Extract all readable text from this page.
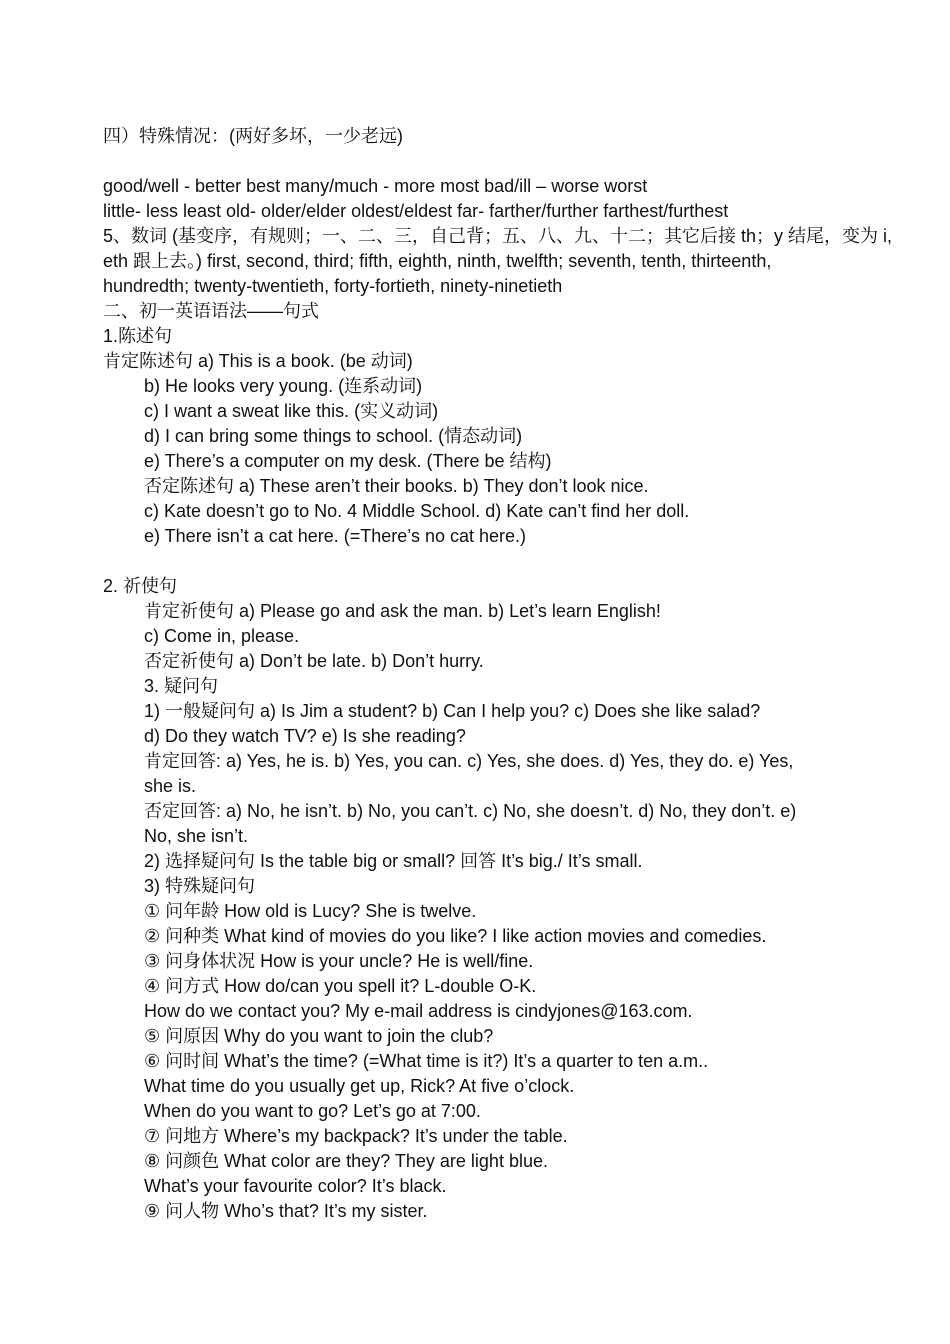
四）特殊情况：(两好多坏，一少老远)
good/well - better best many/much - more most bad/ill – worse worst
little- less least old- older/elder oldest/eldest far- farther/further farthest/furthest
5、数词 (基变序，有规则；一、二、三，自己背；五、八、九、十二；其它后接 th；y 结尾，变为 i,
eth 跟上去。) first, second, third; fifth, eighth, ninth, twelfth; seventh, tenth, thirteenth,
hundredth; twenty-twentieth, forty-fortieth, ninety-ninetieth
二、初一英语语法——句式
1.陈述句
肯定陈述句 a) This is a book. (be 动词)
b) He looks very young. (连系动词)
c) I want a sweat like this. (实义动词)
d) I can bring some things to school. (情态动词)
e) There’s a computer on my desk. (There be 结构)
否定陈述句 a) These aren’t their books. b) They don’t look nice.
c) Kate doesn’t go to No. 4 Middle School. d) Kate can’t find her doll.
e) There isn’t a cat here. (=There’s no cat here.)
2. 祈使句
肯定祈使句 a) Please go and ask the man. b) Let’s learn English!
c) Come in, please.
否定祈使句 a) Don’t be late. b) Don’t hurry.
3. 疑问句
1) 一般疑问句 a) Is Jim a student? b) Can I help you? c) Does she like salad?
d) Do they watch TV? e) Is she reading?
肯定回答: a) Yes, he is. b) Yes, you can. c) Yes, she does. d) Yes, they do. e) Yes,
she is.
否定回答: a) No, he isn’t. b) No, you can’t. c) No, she doesn’t. d) No, they don’t. e)
No, she isn’t.
2) 选择疑问句 Is the table big or small? 回答 It’s big./ It’s small.
3) 特殊疑问句
① 问年龄 How old is Lucy? She is twelve.
② 问种类 What kind of movies do you like? I like action movies and comedies.
③ 问身体状况 How is your uncle? He is well/fine.
④ 问方式 How do/can you spell it? L-double O-K.
How do we contact you? My e-mail address is cindyjones@163.com.
⑤ 问原因 Why do you want to join the club?
⑥ 问时间 What’s the time? (=What time is it?) It’s a quarter to ten a.m..
What time do you usually get up, Rick? At five o’clock.
When do you want to go? Let’s go at 7:00.
⑦ 问地方 Where’s my backpack? It’s under the table.
⑧ 问颜色 What color are they? They are light blue.
What’s your favourite color? It’s black.
⑨ 问人物 Who’s that? It’s my sister.
